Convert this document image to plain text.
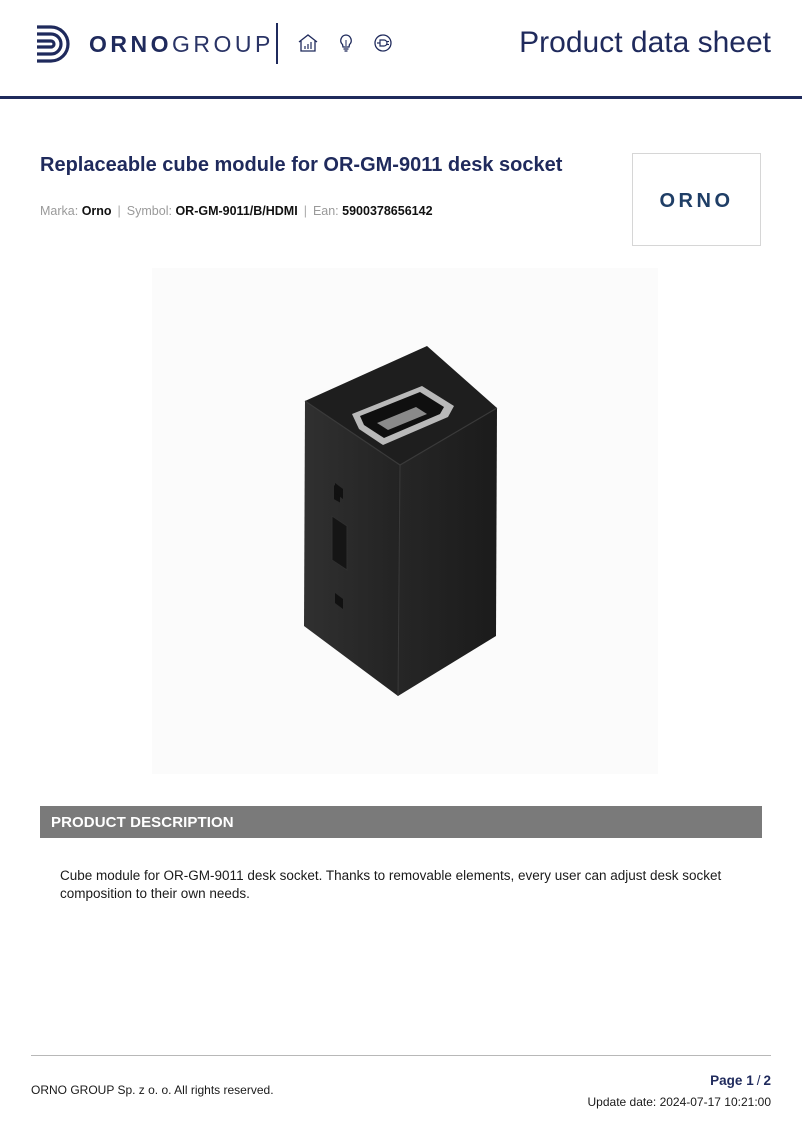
ORNOGROUP	Product data sheet
Replaceable cube module for OR-GM-9011 desk socket
Marka: Orno | Symbol: OR-GM-9011/B/HDMI | Ean: 5900378656142	ORNO
PRODUCT DESCRIPTION
Cube module for OR-GM-9011 desk socket. Thanks to removable elements, every user can adjust desk socket composition to their own needs.
ORNO GROUP Sp. z o. o. All rights reserved.
Page 1 / 2
Update date: 2024-07-17 10:21:00
